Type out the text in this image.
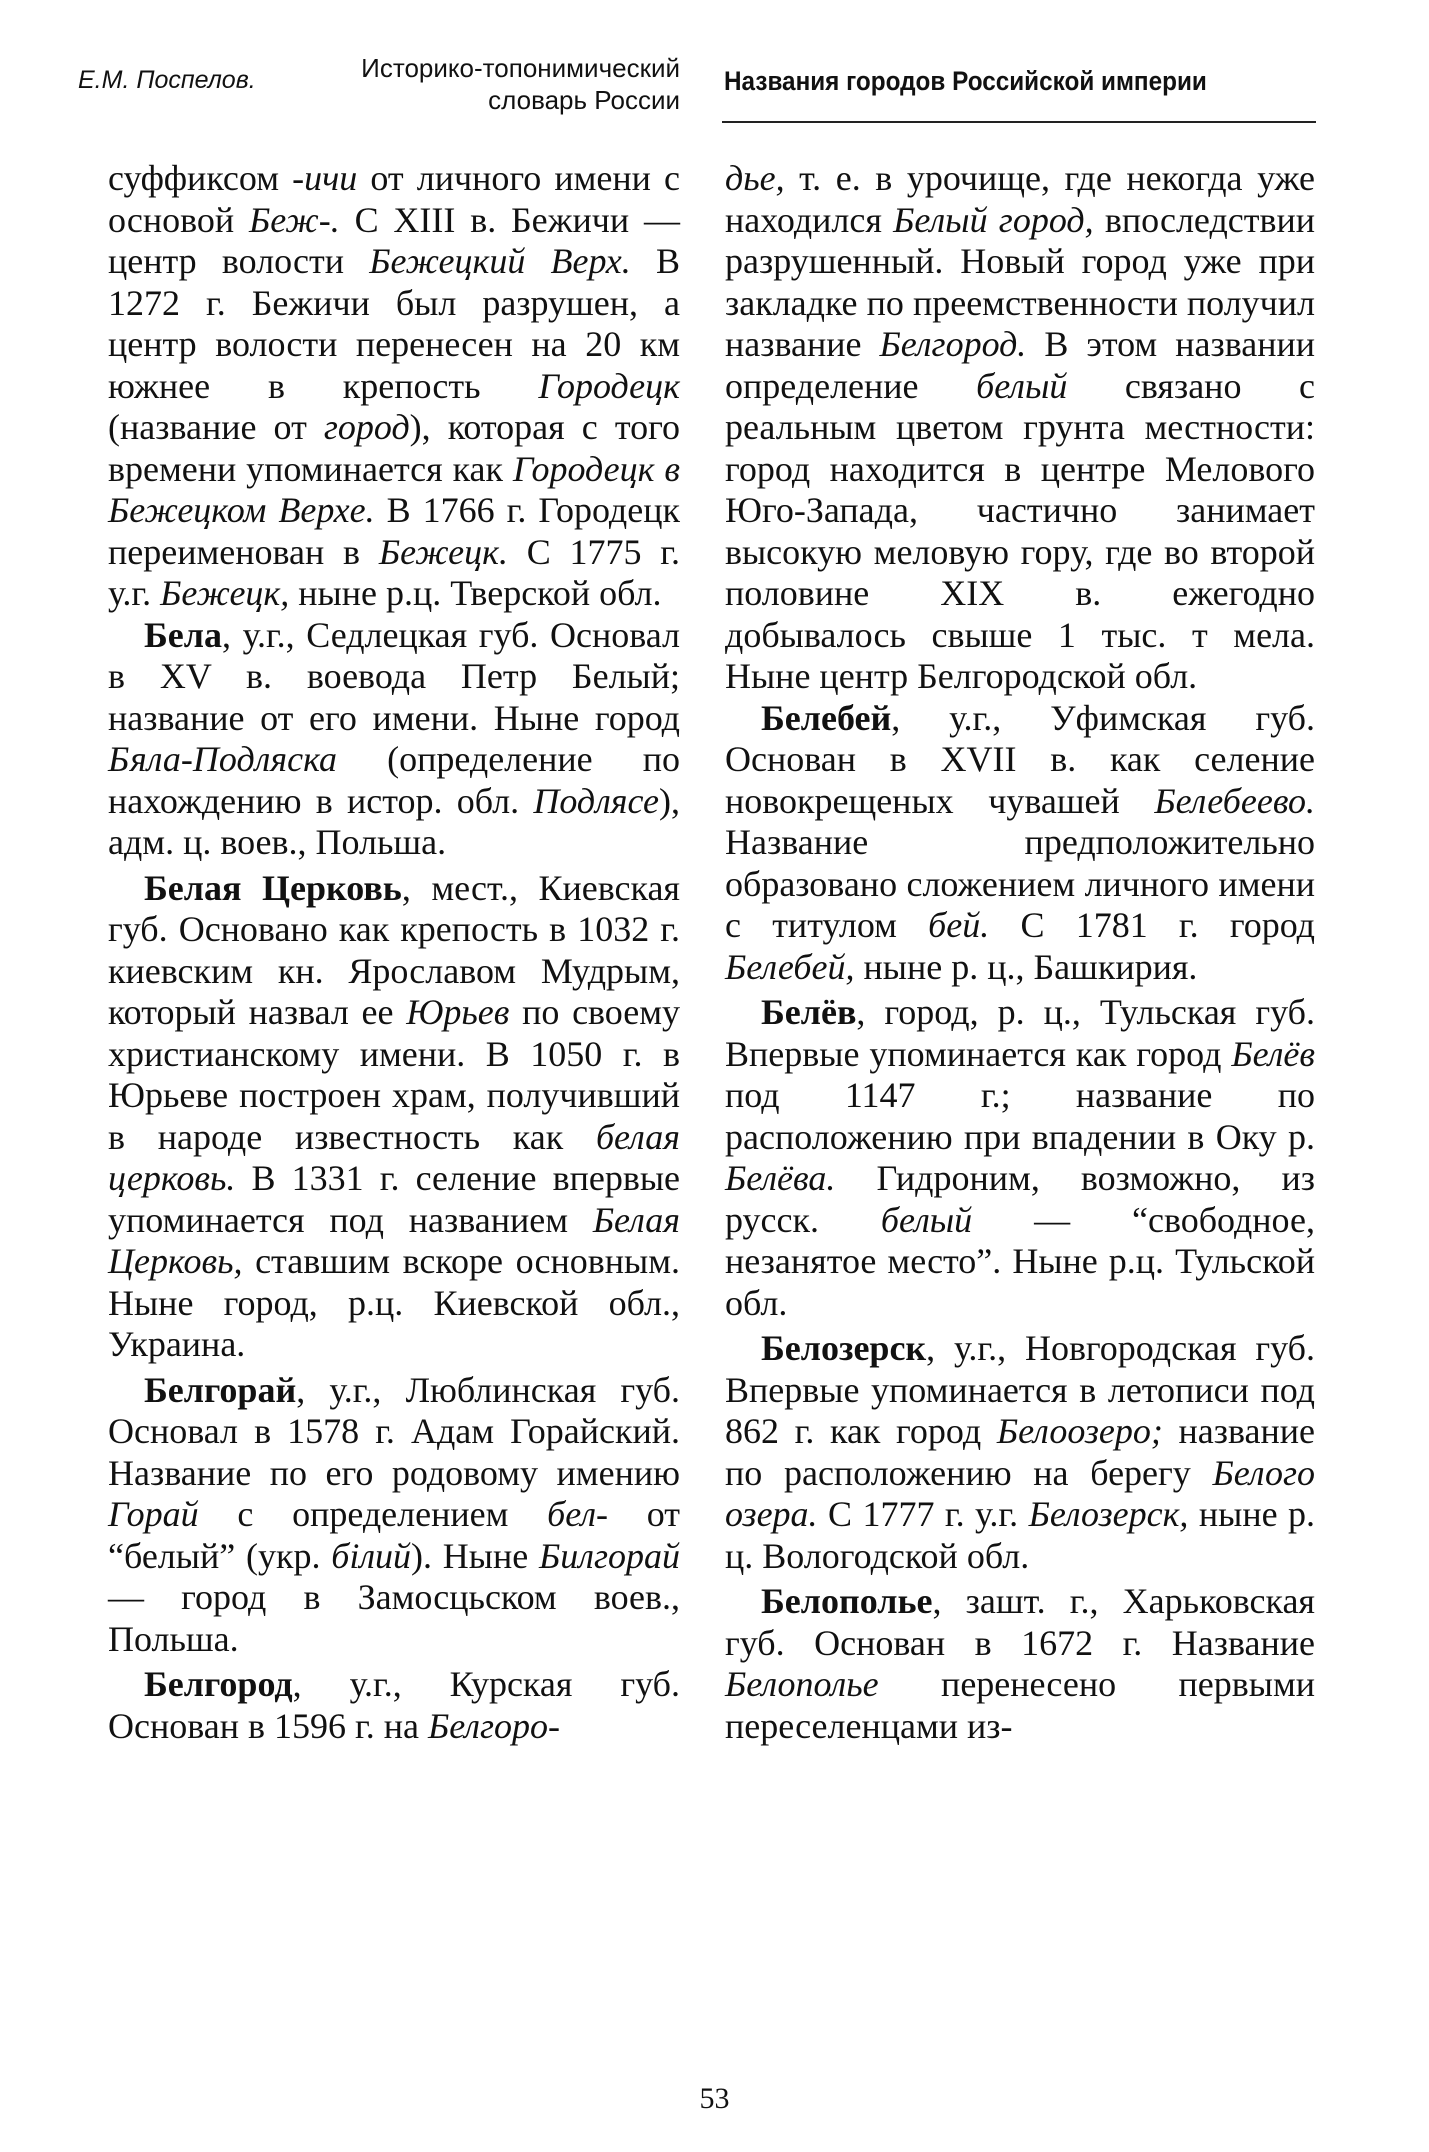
Е.М. Поспелов.	Историко-топонимический
словарь России
Названия городов Российской империи

суффиксом -ичи от личного имени с основой Беж-. С XIII в. Бежичи — центр волости Бежецкий Верх. В 1272 г. Бежичи был разрушен, а центр волости перенесен на 20 км южнее в крепость Городецк (название от город), которая с того времени упоминается как Городецк в Бежецком Верхе. В 1766 г. Городецк переименован в Бежецк. С 1775 г. у.г. Бежецк, ныне р.ц. Тверской обл.

Бела, у.г., Седлецкая губ. Основал в XV в. воевода Петр Белый; название от его имени. Ныне город Бяла-Подляска (определение по нахождению в истор. обл. Подлясе), адм. ц. воев., Польша.

Белая Церковь, мест., Киевская губ. Основано как крепость в 1032 г. киевским кн. Ярославом Мудрым, который назвал ее Юрьев по своему христианскому имени. В 1050 г. в Юрьеве построен храм, получивший в народе известность как белая церковь. В 1331 г. селение впервые упоминается под названием Белая Церковь, ставшим вскоре основным. Ныне город, р.ц. Киевской обл., Украина.

Белгорай, у.г., Люблинская губ. Основал в 1578 г. Адам Горайский. Название по его родовому имению Горай с определением бел- от “белый” (укр. білий). Ныне Билгорай — город в Замосцьском воев., Польша.

Белгород, у.г., Курская губ. Основан в 1596 г. на Белгоро-

дье, т. е. в урочище, где некогда уже находился Белый город, впоследствии разрушенный. Новый город уже при закладке по преемственности получил название Белгород. В этом названии определение белый связано с реальным цветом грунта местности: город находится в центре Мелового Юго-Запада, частично занимает высокую меловую гору, где во второй половине XIX в. ежегодно добывалось свыше 1 тыс. т мела. Ныне центр Белгородской обл.

Белебей, у.г., Уфимская губ. Основан в XVII в. как селение новокрещеных чувашей Белебеево. Название предположительно образовано сложением личного имени с титулом бей. С 1781 г. город Белебей, ныне р. ц., Башкирия.

Белёв, город, р. ц., Тульская губ. Впервые упоминается как город Белёв под 1147 г.; название по расположению при впадении в Оку р. Белёва. Гидроним, возможно, из русск. белый — “свободное, незанятое место”. Ныне р.ц. Тульской обл.

Белозерск, у.г., Новгородская губ. Впервые упоминается в летописи под 862 г. как город Белоозеро; название по расположению на берегу Белого озера. С 1777 г. у.г. Белозерск, ныне р. ц. Вологодской обл.

Белополье, зашт. г., Харьковская губ. Основан в 1672 г. Название Белополье перенесено первыми переселенцами из-

53
